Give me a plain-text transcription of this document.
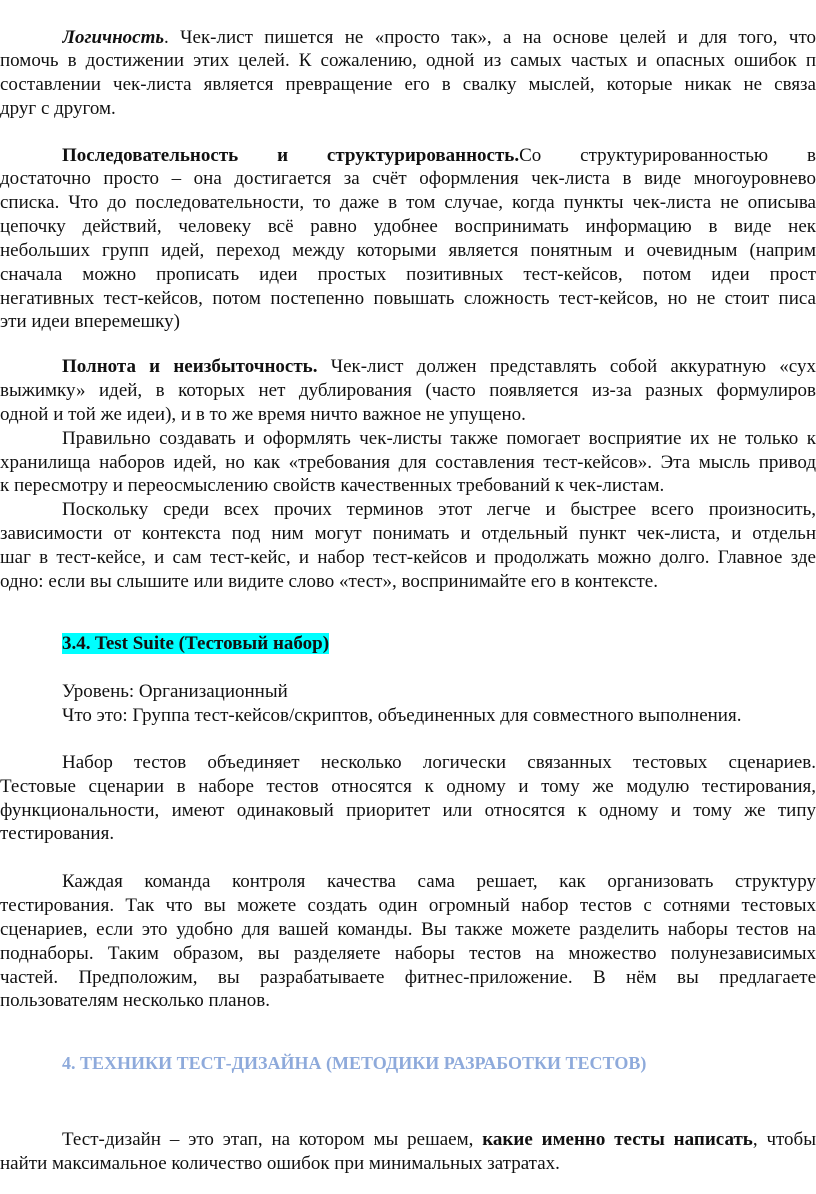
Логичность. Чек-лист пишется не «просто так», а на основе целей и для того, что
помочь в достижении этих целей. К сожалению, одной из самых частых и опасных ошибок п
составлении чек-листа является превращение его в свалку мыслей, которые никак не связа
друг с другом.
Последовательность и структурированность.Со структурированностью в
достаточно просто – она достигается за счёт оформления чек-листа в виде многоуровнево
списка. Что до последовательности, то даже в том случае, когда пункты чек-листа не описыва
цепочку действий, человеку всё равно удобнее воспринимать информацию в виде нек
небольших групп идей, переход между которыми является понятным и очевидным (наприм
сначала можно прописать идеи простых позитивных тест-кейсов, потом идеи прост
негативных тест-кейсов, потом постепенно повышать сложность тест-кейсов, но не стоит писа
эти идеи вперемешку)
Полнота и неизбыточность. Чек-лист должен представлять собой аккуратную «сух
выжимку» идей, в которых нет дублирования (часто появляется из-за разных формулиров
одной и той же идеи), и в то же время ничто важное не упущено.
Правильно создавать и оформлять чек-листы также помогает восприятие их не только к
хранилища наборов идей, но как «требования для составления тест-кейсов». Эта мысль привод
к пересмотру и переосмыслению свойств качественных требований к чек-листам.
Поскольку среди всех прочих терминов этот легче и быстрее всего произносить,
зависимости от контекста под ним могут понимать и отдельный пункт чек-листа, и отдельн
шаг в тест-кейсе, и сам тест-кейс, и набор тест-кейсов и продолжать можно долго. Главное зде
одно: если вы слышите или видите слово «тест», воспринимайте его в контексте.
3.4. Test Suite (Тестовый набор)
Уровень: Организационный
Что это: Группа тест-кейсов/скриптов, объединенных для совместного выполнения.
Набор тестов объединяет несколько логически связанных тестовых сценариев.
Тестовые сценарии в наборе тестов относятся к одному и тому же модулю тестирования,
функциональности, имеют одинаковый приоритет или относятся к одному и тому же типу
тестирования.
Каждая команда контроля качества сама решает, как организовать структуру
тестирования. Так что вы можете создать один огромный набор тестов с сотнями тестовых
сценариев, если это удобно для вашей команды. Вы также можете разделить наборы тестов на
поднаборы. Таким образом, вы разделяете наборы тестов на множество полунезависимых
частей. Предположим, вы разрабатываете фитнес-приложение. В нём вы предлагаете
пользователям несколько планов.
4. ТЕХНИКИ ТЕСТ-ДИЗАЙНА (МЕТОДИКИ РАЗРАБОТКИ ТЕСТОВ)
Тест-дизайн – это этап, на котором мы решаем, какие именно тесты написать, чтобы
найти максимальное количество ошибок при минимальных затратах.
